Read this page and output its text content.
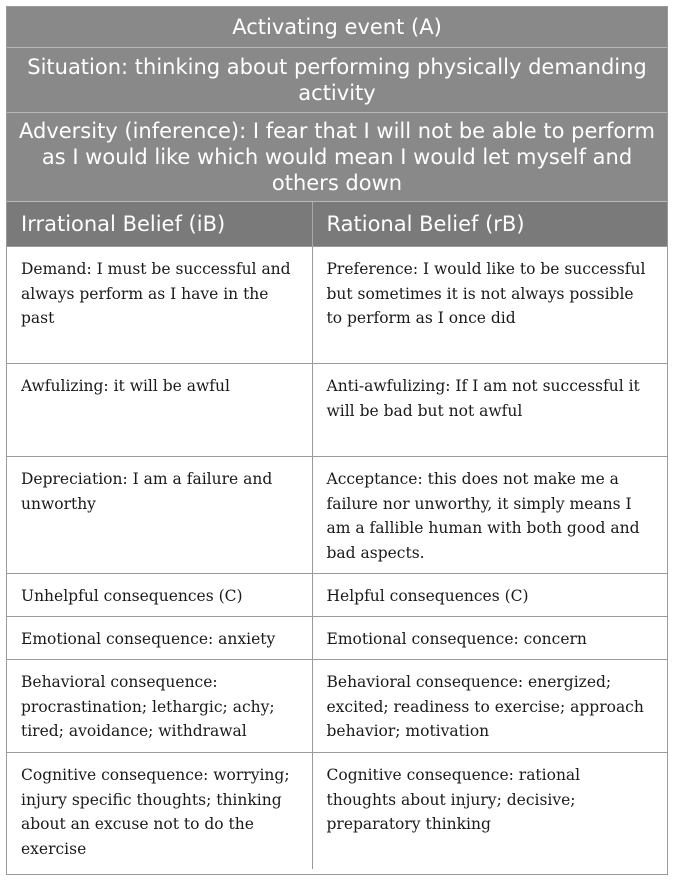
Activating event (A)	
Situation: thinking about performing physically demanding activity	
Adversity (inference): I fear that I will not be able to perform as I would like which would mean I would let myself and others down	
Irrational Belief (iB)	Rational Belief (rB)
Demand: I must be successful and always perform as I have in the past	Preference: I would like to be successful but sometimes it is not always possible to perform as I once did
Awfulizing: it will be awful	Anti-awfulizing: If I am not successful it will be bad but not awful
Depreciation: I am a failure and unworthy	Acceptance: this does not make me a failure nor unworthy, it simply means I am a fallible human with both good and bad aspects.
Unhelpful consequences (C)	Helpful consequences (C)
Emotional consequence: anxiety	Emotional consequence: concern
Behavioral consequence: procrastination; lethargic; achy; tired; avoidance; withdrawal	Behavioral consequence: energized; excited; readiness to exercise; approach behavior; motivation
Cognitive consequence: worrying; injury specific thoughts; thinking about an excuse not to do the exercise	Cognitive consequence: rational thoughts about injury; decisive; preparatory thinking
